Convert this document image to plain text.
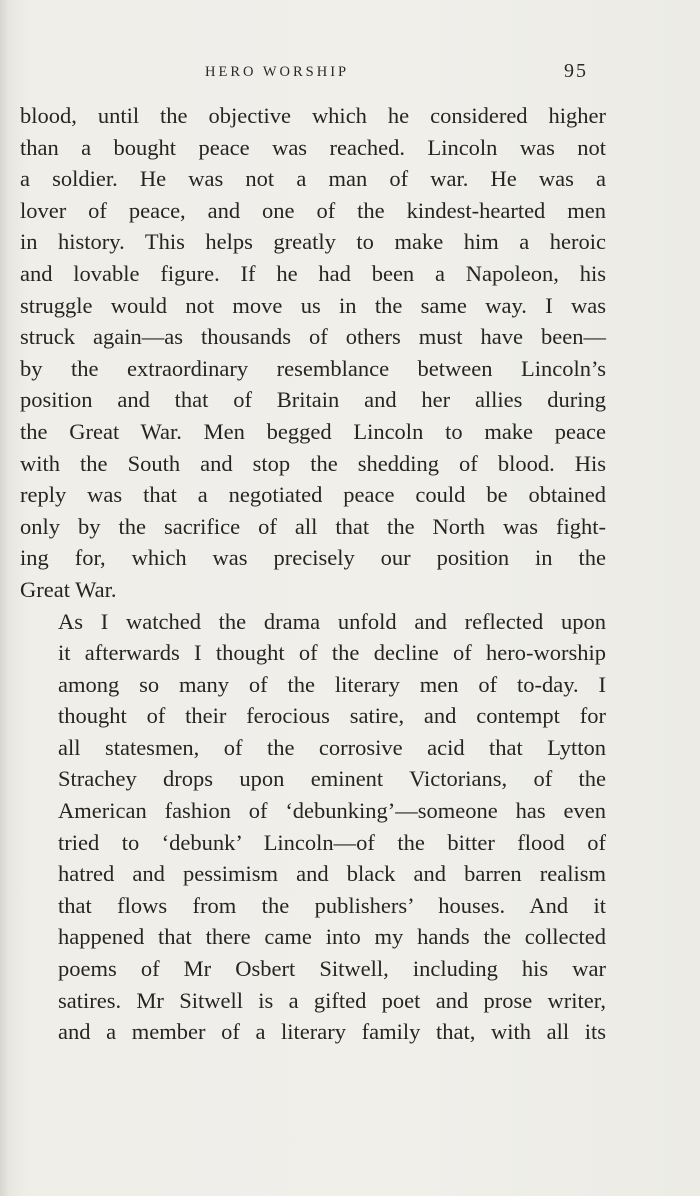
HERO WORSHIP	95
blood, until the objective which he considered higher
than a bought peace was reached. Lincoln was not
a soldier. He was not a man of war. He was a
lover of peace, and one of the kindest-hearted men
in history. This helps greatly to make him a heroic
and lovable figure. If he had been a Napoleon, his
struggle would not move us in the same way. I was
struck again—as thousands of others must have been—
by the extraordinary resemblance between Lincoln’s
position and that of Britain and her allies during
the Great War. Men begged Lincoln to make peace
with the South and stop the shedding of blood. His
reply was that a negotiated peace could be obtained
only by the sacrifice of all that the North was fight-
ing for, which was precisely our position in the
Great War.
As I watched the drama unfold and reflected upon
it afterwards I thought of the decline of hero-worship
among so many of the literary men of to-day. I
thought of their ferocious satire, and contempt for
all statesmen, of the corrosive acid that Lytton
Strachey drops upon eminent Victorians, of the
American fashion of ‘debunking’—someone has even
tried to ‘debunk’ Lincoln—of the bitter flood of
hatred and pessimism and black and barren realism
that flows from the publishers’ houses. And it
happened that there came into my hands the collected
poems of Mr Osbert Sitwell, including his war
satires. Mr Sitwell is a gifted poet and prose writer,
and a member of a literary family that, with all its
